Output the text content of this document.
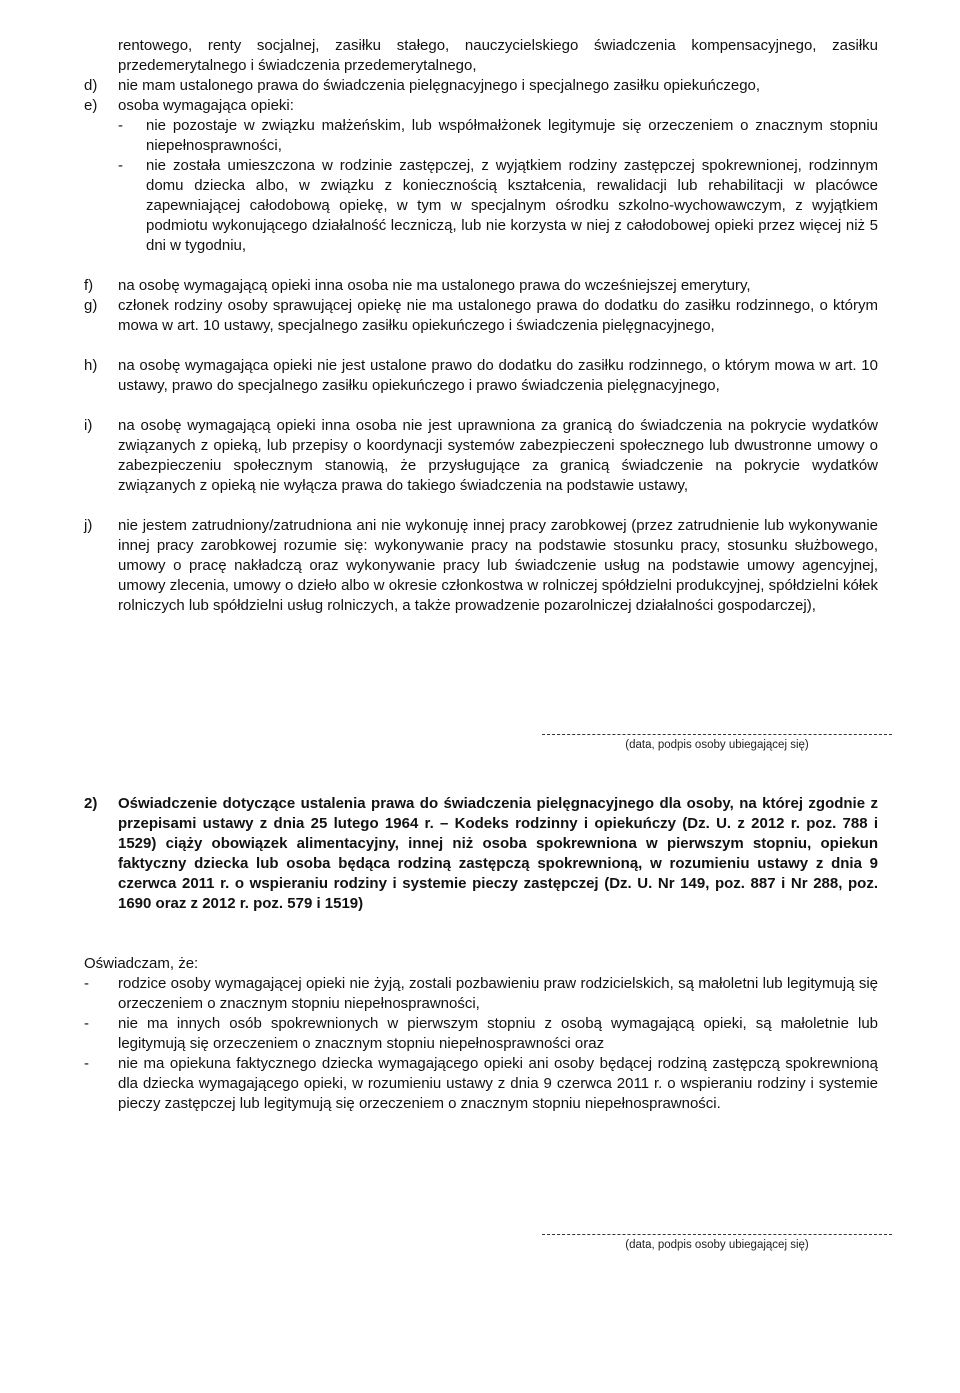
rentowego, renty socjalnej, zasiłku stałego, nauczycielskiego świadczenia kompensacyjnego, zasiłku przedemerytalnego i świadczenia przedemerytalnego,
d) nie mam ustalonego prawa do świadczenia pielęgnacyjnego i specjalnego zasiłku opiekuńczego,
e) osoba wymagająca opieki:
- nie pozostaje w związku małżeńskim, lub współmałżonek legitymuje się orzeczeniem o znacznym stopniu niepełnosprawności,
- nie została umieszczona w rodzinie zastępczej, z wyjątkiem rodziny zastępczej spokrewnionej, rodzinnym domu dziecka albo, w związku z koniecznością kształcenia, rewalidacji lub rehabilitacji w placówce zapewniającej całodobową opiekę, w tym w specjalnym ośrodku szkolno-wychowawczym, z wyjątkiem podmiotu wykonującego działalność leczniczą, lub nie korzysta w niej z całodobowej opieki przez więcej niż 5 dni w tygodniu,
f) na osobę wymagającą opieki inna osoba nie ma ustalonego prawa do wcześniejszej emerytury,
g) członek rodziny osoby sprawującej opiekę nie ma ustalonego prawa do dodatku do zasiłku rodzinnego, o którym mowa w art. 10 ustawy, specjalnego zasiłku opiekuńczego i świadczenia pielęgnacyjnego,
h) na osobę wymagająca opieki nie jest ustalone prawo do dodatku do zasiłku rodzinnego, o którym mowa w art. 10 ustawy, prawo do specjalnego zasiłku opiekuńczego i prawo świadczenia pielęgnacyjnego,
i) na osobę wymagającą opieki inna osoba nie jest uprawniona za granicą do świadczenia na pokrycie wydatków związanych z opieką, lub przepisy o koordynacji systemów zabezpieczeni społecznego lub dwustronne umowy o zabezpieczeniu społecznym stanowią, że przysługujące za granicą świadczenie na pokrycie wydatków związanych z opieką nie wyłącza prawa do takiego świadczenia na podstawie ustawy,
j) nie jestem zatrudniony/zatrudniona ani nie wykonuję innej pracy zarobkowej (przez zatrudnienie lub wykonywanie innej pracy zarobkowej rozumie się: wykonywanie pracy na podstawie stosunku pracy, stosunku służbowego, umowy o pracę nakładczą oraz wykonywanie pracy lub świadczenie usług na podstawie umowy agencyjnej, umowy zlecenia, umowy o dzieło albo w okresie członkostwa w rolniczej spółdzielni produkcyjnej, spółdzielni kółek rolniczych lub spółdzielni usług rolniczych, a także prowadzenie pozarolniczej działalności gospodarczej),
(data, podpis osoby ubiegającej się)
2) Oświadczenie dotyczące ustalenia prawa do świadczenia pielęgnacyjnego dla osoby, na której zgodnie z przepisami ustawy z dnia 25 lutego 1964 r. – Kodeks rodzinny i opiekuńczy (Dz. U. z 2012 r. poz. 788 i 1529) ciąży obowiązek alimentacyjny, innej niż osoba spokrewniona w pierwszym stopniu, opiekun faktyczny dziecka lub osoba będąca rodziną zastępczą spokrewnioną, w rozumieniu ustawy z dnia 9 czerwca 2011 r. o wspieraniu rodziny i systemie pieczy zastępczej (Dz. U. Nr 149, poz. 887 i Nr 288, poz. 1690 oraz z 2012 r. poz. 579 i 1519)
Oświadczam, że:
- rodzice osoby wymagającej opieki nie żyją, zostali pozbawieniu praw rodzicielskich, są małoletni lub legitymują się orzeczeniem o znacznym stopniu niepełnosprawności,
- nie ma innych osób spokrewnionych w pierwszym stopniu z osobą wymagającą opieki, są małoletnie lub legitymują się orzeczeniem o znacznym stopniu niepełnosprawności oraz
- nie ma opiekuna faktycznego dziecka wymagającego opieki ani osoby będącej rodziną zastępczą spokrewnioną dla dziecka wymagającego opieki, w rozumieniu ustawy z dnia 9 czerwca 2011 r. o wspieraniu rodziny i systemie pieczy zastępczej lub legitymują się orzeczeniem o znacznym stopniu niepełnosprawności.
(data, podpis osoby ubiegającej się)
